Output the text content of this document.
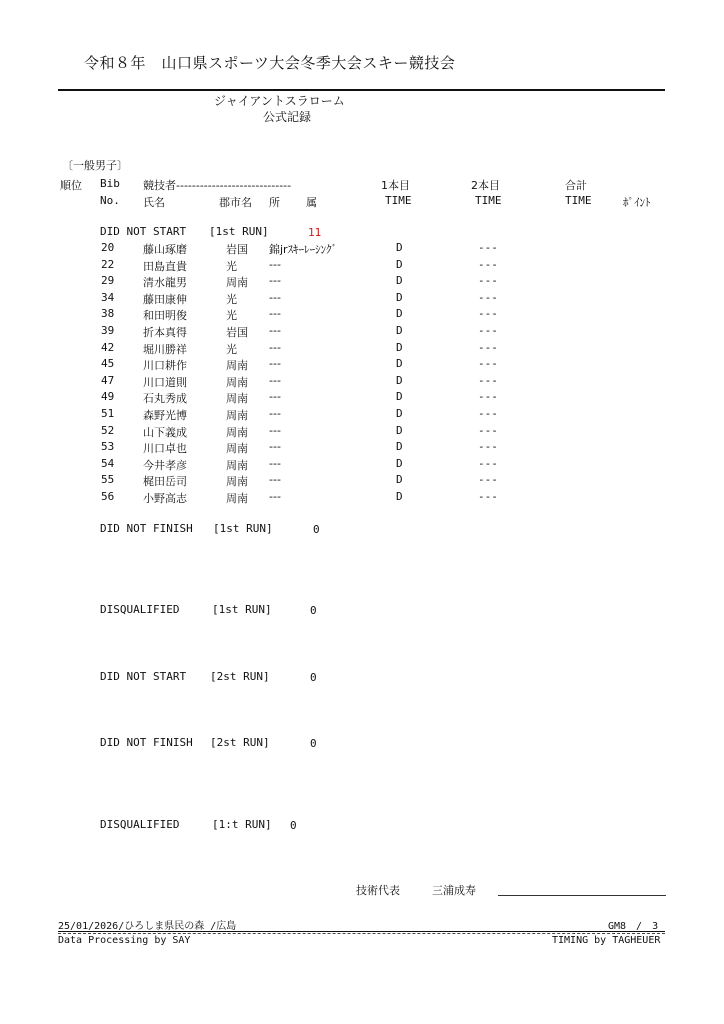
令和８年　山口県スポーツ大会冬季大会スキー競技会
ジャイアントスラローム
公式記録
〔一般男子〕
順位 Bib 競技者-----------------------------	1本目	2本目	合計
No. 氏名	郡市名 所 属	TIME	TIME	TIME	ﾎﾟｲﾝﾄ
DID NOT START [1st RUN]	11
20	藤山琢磨	岩国 錦jrｽｷｰﾚｰｼﾝｸﾞ	D	---
22	田島直貴	光	---	D	---
29	清水龍男	周南 ---	D	---
34	藤田康伸	光	---	D	---
38	和田明俊	光	---	D	---
39	折本真得	岩国 ---	D	---
42	堀川勝祥	光	---	D	---
45	川口耕作	周南 ---	D	---
47	川口道則	周南 ---	D	---
49	石丸秀成	周南 ---	D	---
51	森野光博	周南 ---	D	---
52	山下義成	周南 ---	D	---
53	川口卓也	周南 ---	D	---
54	今井孝彦	周南 ---	D	---
55	梶田岳司	周南 ---	D	---
56	小野高志	周南 ---	D	---
DID NOT FINISH [1st RUN]	0
DISQUALIFIED	[1st RUN]	0
DID NOT START [2st RUN]	0
DID NOT FINISH [2st RUN]	0
DISQUALIFIED	[1:t RUN] 0
技術代表	三浦成寿
25/01/2026/ひろしま県民の森 /広島	GM8　/　3
Data Processing by SAY	TIMING by TAGHEUER
